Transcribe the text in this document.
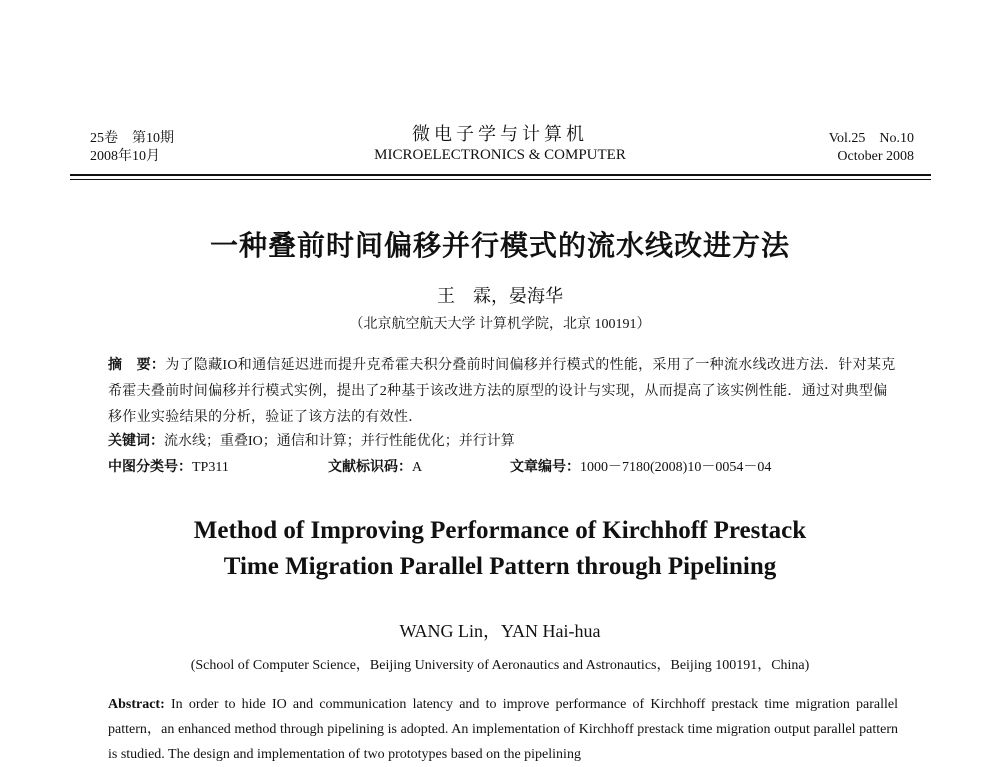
25卷　第10期
2008年10月
微电子学与计算机
MICROELECTRONICS & COMPUTER
Vol.25　No.10
October 2008
一种叠前时间偏移并行模式的流水线改进方法
王　霖，晏海华
（北京航空航天大学 计算机学院，北京 100191）
摘　要：为了隐藏IO和通信延迟进而提升克希霍夫积分叠前时间偏移并行模式的性能，采用了一种流水线改进方法．针对某克希霍夫叠前时间偏移并行模式实例，提出了2种基于该改进方法的原型的设计与实现，从而提高了该实例性能．通过对典型偏移作业实验结果的分析，验证了该方法的有效性．
关键词：流水线；重叠IO；通信和计算；并行性能优化；并行计算
中图分类号：TP311	文献标识码：A	文章编号：1000－7180(2008)10－0054－04
Method of Improving Performance of Kirchhoff Prestack
Time Migration Parallel Pattern through Pipelining
WANG Lin，YAN Hai-hua
(School of Computer Science，Beijing University of Aeronautics and Astronautics，Beijing 100191，China)
Abstract: In order to hide IO and communication latency and to improve performance of Kirchhoff prestack time migration parallel pattern，an enhanced method through pipelining is adopted. An implementation of Kirchhoff prestack time migration output parallel pattern is studied. The design and implementation of two prototypes based on the pipelining
